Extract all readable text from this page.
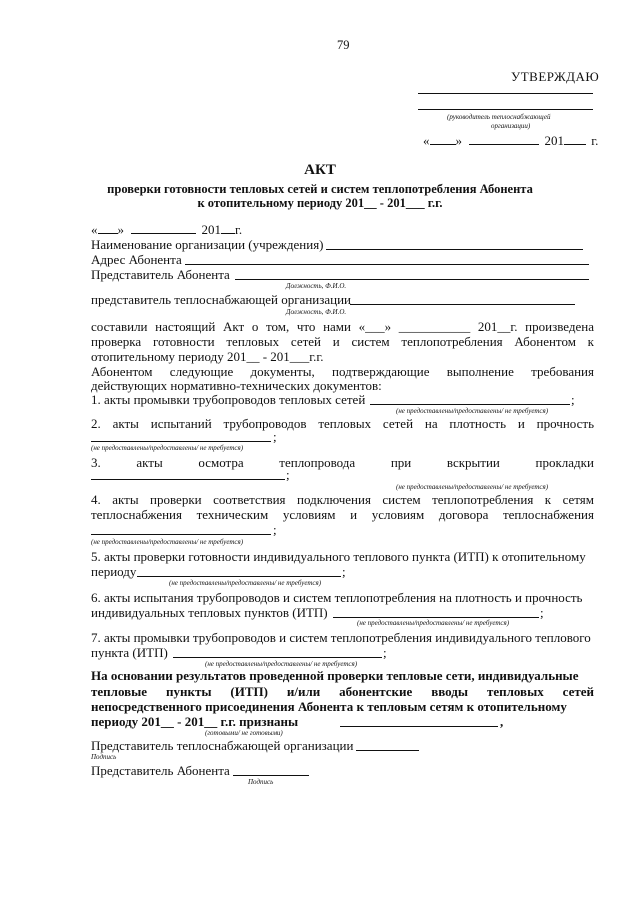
79
УТВЕРЖДАЮ
(руководитель теплоснабжающей
организации)
« »	201 г.
АКТ
проверки готовности тепловых сетей и систем теплопотребления Абонента
к отопительному периоду 201__ - 201___ г.г.
« »	201 г.
Наименование организации (учреждения)
Адрес Абонента
Представитель Абонента
Должность, Ф.И.О.
представитель теплоснабжающей организации
Должность, Ф.И.О.
составили настоящий Акт о том, что нами «___» ___________ 201__г. произведена
проверка готовности тепловых сетей и систем теплопотребления Абонентом к
отопительному периоду 201__ - 201___г.г.
Абонентом следующие документы, подтверждающие выполнение требования
действующих нормативно-технических документов:
1. акты промывки трубопроводов тепловых сетей	;
(не предоставлены/предоставлены/ не требуется)
2. акты испытаний трубопроводов тепловых сетей на плотность и прочность
;
(не предоставлены/предоставлены/ не требуется)
3.	акты	осмотра	теплопровода	при	вскрытии	прокладки
;
(не предоставлены/предоставлены/ не требуется)
4. акты проверки соответствия подключения систем теплопотребления к сетям
теплоснабжения техническим условиям и условиям договора теплоснабжения
;
(не предоставлены/предоставлены/ не требуется)
5. акты проверки готовности индивидуального теплового пункта (ИТП) к отопительному
периоду	;
(не предоставлены/предоставлены/ не требуется)
6. акты испытания трубопроводов и систем теплопотребления на плотность и прочность
индивидуальных тепловых пунктов (ИТП)	;
(не предоставлены/предоставлены/ не требуется)
7. акты промывки трубопроводов и систем теплопотребления индивидуального теплового
пункта (ИТП)	;
(не предоставлены/предоставлены/ не требуется)
На основании результатов проведенной проверки тепловые сети, индивидуальные
тепловые пункты (ИТП) и/или абонентские вводы тепловых сетей
непосредственного присоединения Абонента к тепловым сетям к отопительному
периоду 201__ - 201__ г.г. признаны	,
(готовыми/ не готовыми)
Представитель теплоснабжающей организации
Подпись
Представитель Абонента
Подпись
